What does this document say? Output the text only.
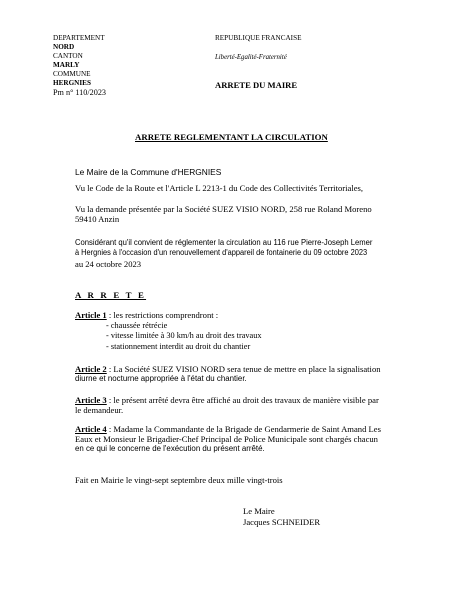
DEPARTEMENT
NORD
CANTON
MARLY
COMMUNE
HERGNIES
Pm n° 110/2023
REPUBLIQUE FRANCAISE
Liberté-Egalité-Fraternité
ARRETE DU MAIRE
ARRETE REGLEMENTANT LA CIRCULATION
Le Maire de la Commune d'HERGNIES
Vu le Code de la Route et l'Article L 2213-1 du Code des Collectivités Territoriales,
Vu la demande présentée par la Société SUEZ VISIO NORD, 258 rue Roland Moreno
59410 Anzin
Considérant qu'il convient de réglementer la circulation au 116 rue Pierre-Joseph Lemer
à Hergnies à l'occasion d'un renouvellement d'appareil de fontainerie du 09 octobre 2023
au 24 octobre 2023
A R R E T E
Article 1 : les restrictions comprendront :
- chaussée rétrécie
- vitesse limitée à 30 km/h au droit des travaux
- stationnement interdit au droit du chantier
Article 2 : La Société SUEZ VISIO NORD sera tenue de mettre en place la signalisation
diurne et nocturne appropriée à l'état du chantier.
Article 3 : le présent arrêté devra être affiché au droit des travaux de manière visible par
le demandeur.
Article 4 : Madame la Commandante de la Brigade de Gendarmerie de Saint Amand Les
Eaux et Monsieur le Brigadier-Chef Principal de Police Municipale sont chargés chacun
en ce qui le concerne de l'exécution du présent arrêté.
Fait en Mairie le vingt-sept septembre deux mille vingt-trois
Le Maire
Jacques SCHNEIDER
